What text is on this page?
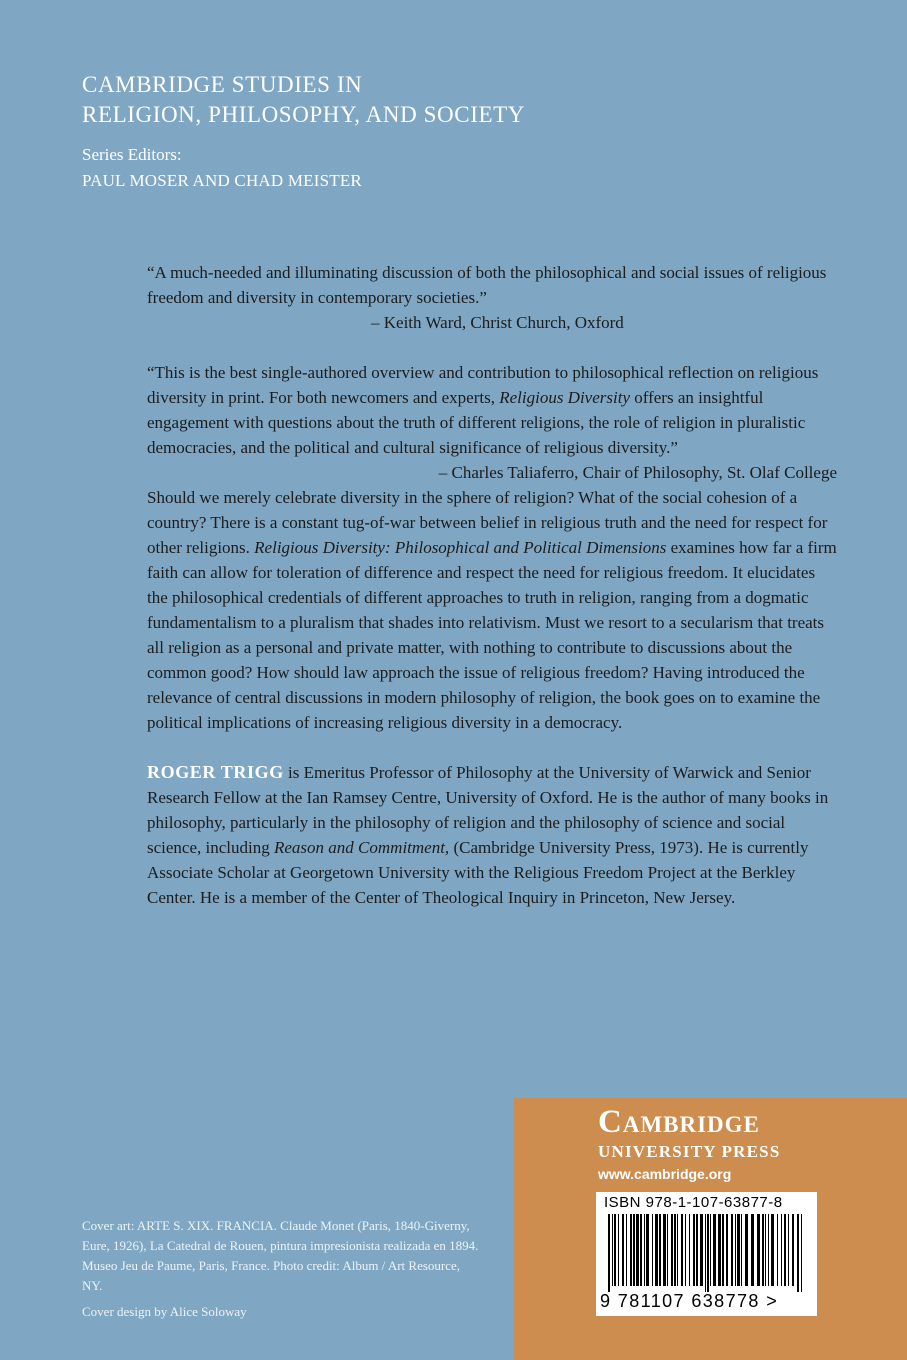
CAMBRIDGE STUDIES IN
RELIGION, PHILOSOPHY, AND SOCIETY
Series Editors:
PAUL MOSER AND CHAD MEISTER

“A much-needed and illuminating discussion of both the philosophical and social issues of religious freedom and diversity in contemporary societies.”
– Keith Ward, Christ Church, Oxford

“This is the best single-authored overview and contribution to philosophical reflection on religious diversity in print. For both newcomers and experts, Religious Diversity offers an insightful engagement with questions about the truth of different religions, the role of religion in pluralistic democracies, and the political and cultural significance of religious diversity.”
– Charles Taliaferro, Chair of Philosophy, St. Olaf College

Should we merely celebrate diversity in the sphere of religion? What of the social cohesion of a country? There is a constant tug-of-war between belief in religious truth and the need for respect for other religions. Religious Diversity: Philosophical and Political Dimensions examines how far a firm faith can allow for toleration of difference and respect the need for religious freedom. It elucidates the philosophical credentials of different approaches to truth in religion, ranging from a dogmatic fundamentalism to a pluralism that shades into relativism. Must we resort to a secularism that treats all religion as a personal and private matter, with nothing to contribute to discussions about the common good? How should law approach the issue of religious freedom? Having introduced the relevance of central discussions in modern philosophy of religion, the book goes on to examine the political implications of increasing religious diversity in a democracy.

ROGER TRIGG is Emeritus Professor of Philosophy at the University of Warwick and Senior Research Fellow at the Ian Ramsey Centre, University of Oxford. He is the author of many books in philosophy, particularly in the philosophy of religion and the philosophy of science and social science, including Reason and Commitment, (Cambridge University Press, 1973). He is currently Associate Scholar at Georgetown University with the Religious Freedom Project at the Berkley Center. He is a member of the Center of Theological Inquiry in Princeton, New Jersey.

Cover art: ARTE S. XIX. FRANCIA. Claude Monet (Paris, 1840-Giverny, Eure, 1926), La Catedral de Rouen, pintura impresionista realizada en 1894. Museo Jeu de Paume, Paris, France. Photo credit: Album / Art Resource, NY.
Cover design by Alice Soloway
Cambridge
UNIVERSITY PRESS
www.cambridge.org
ISBN 978-1-107-63877-8
9 781107 638778 >
